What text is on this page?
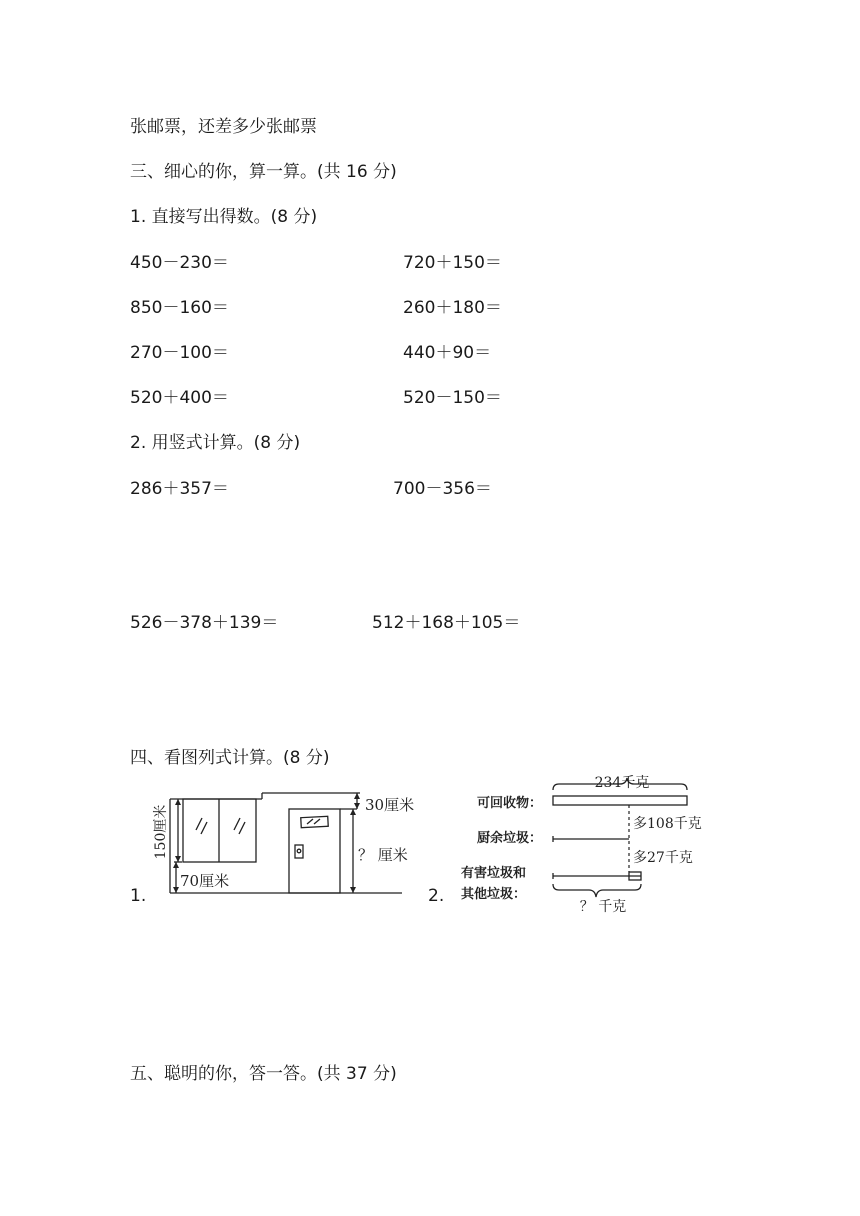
张邮票，还差多少张邮票
三、细心的你，算一算。(共 16 分)
1. 直接写出得数。(8 分)
450－230＝	720＋150＝
850－160＝	260＋180＝
270－100＝	440＋90＝
520＋400＝	520－150＝
2. 用竖式计算。(8 分)
286＋357＝	700－356＝
526－378＋139＝	512＋168＋105＝
四、看图列式计算。(8 分)
1.
150厘米	30厘米
70厘米
？ 厘米
2.
234千克
可回收物：
厨余垃圾：
有害垃圾和
其他垃圾：
多108千克
多27千克
？ 千克
五、聪明的你，答一答。(共 37 分)
